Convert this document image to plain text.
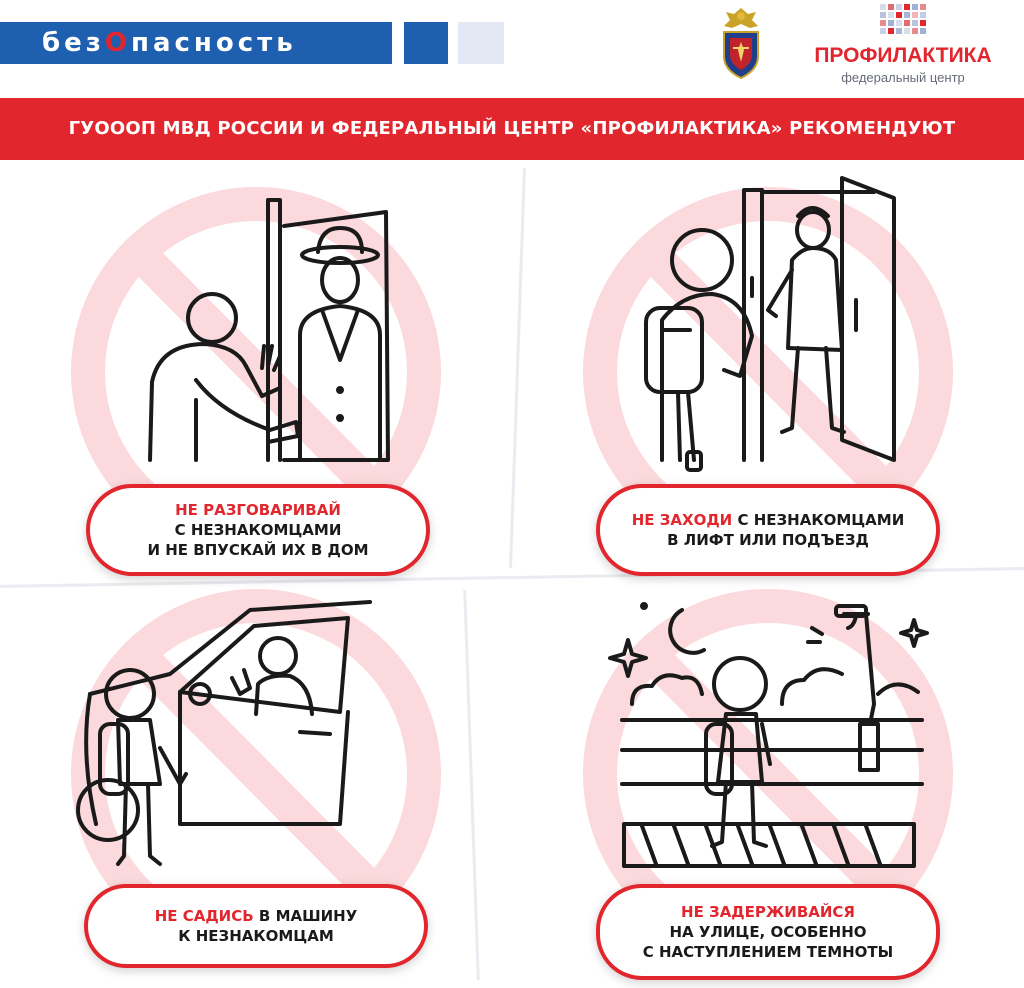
безОпасность	ПРОФИЛАКТИКА
федеральный центр
ГУОООП МВД РОССИИ И ФЕДЕРАЛЬНЫЙ ЦЕНТР «ПРОФИЛАКТИКА» РЕКОМЕНДУЮТ
НЕ РАЗГОВАРИВАЙ
С НЕЗНАКОМЦАМИ
И НЕ ВПУСКАЙ ИХ В ДОМ
НЕ ЗАХОДИ С НЕЗНАКОМЦАМИ
В ЛИФТ ИЛИ ПОДЪЕЗД
НЕ САДИСЬ В МАШИНУ
К НЕЗНАКОМЦАМ
НЕ ЗАДЕРЖИВАЙСЯ
НА УЛИЦЕ, ОСОБЕННО
С НАСТУПЛЕНИЕМ ТЕМНОТЫ
